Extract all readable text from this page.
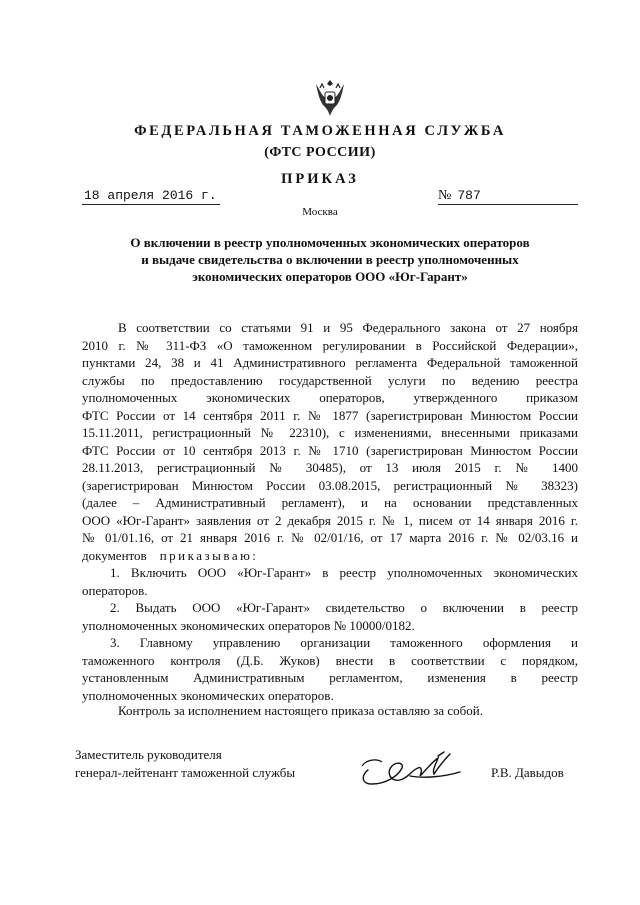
ФЕДЕРАЛЬНАЯ ТАМОЖЕННАЯ СЛУЖБА
(ФТС РОССИИ)
ПРИКАЗ
18 апреля 2016 г.	№ 787
Москва
О включении в реестр уполномоченных экономических операторов
и выдаче свидетельства о включении в реестр уполномоченных
экономических операторов ООО «Юг-Гарант»
В соответствии со статьями 91 и 95 Федерального закона от 27 ноября
2010 г. № 311-ФЗ «О таможенном регулировании в Российской Федерации»,
пунктами 24, 38 и 41 Административного регламента Федеральной таможенной
службы по предоставлению государственной услуги по ведению реестра
уполномоченных экономических операторов, утвержденного приказом
ФТС России от 14 сентября 2011 г. № 1877 (зарегистрирован Минюстом России
15.11.2011, регистрационный № 22310), с изменениями, внесенными приказами
ФТС России от 10 сентября 2013 г. № 1710 (зарегистрирован Минюстом России
28.11.2013, регистрационный № 30485), от 13 июля 2015 г. № 1400
(зарегистрирован Минюстом России 03.08.2015, регистрационный № 38323)
(далее – Административный регламент), и на основании представленных
ООО «Юг-Гарант» заявления от 2 декабря 2015 г. № 1, писем от 14 января 2016 г.
№ 01/01.16, от 21 января 2016 г. № 02/01/16, от 17 марта 2016 г. № 02/03.16 и
документов приказываю:
1. Включить ООО «Юг-Гарант» в реестр уполномоченных экономических
операторов.
2. Выдать ООО «Юг-Гарант» свидетельство о включении в реестр
уполномоченных экономических операторов № 10000/0182.
3. Главному управлению организации таможенного оформления и
таможенного контроля (Д.Б. Жуков) внести в соответствии с порядком,
установленным Административным регламентом, изменения в реестр
уполномоченных экономических операторов.
Контроль за исполнением настоящего приказа оставляю за собой.
Заместитель руководителя
генерал-лейтенант таможенной службы	Р.В. Давыдов
